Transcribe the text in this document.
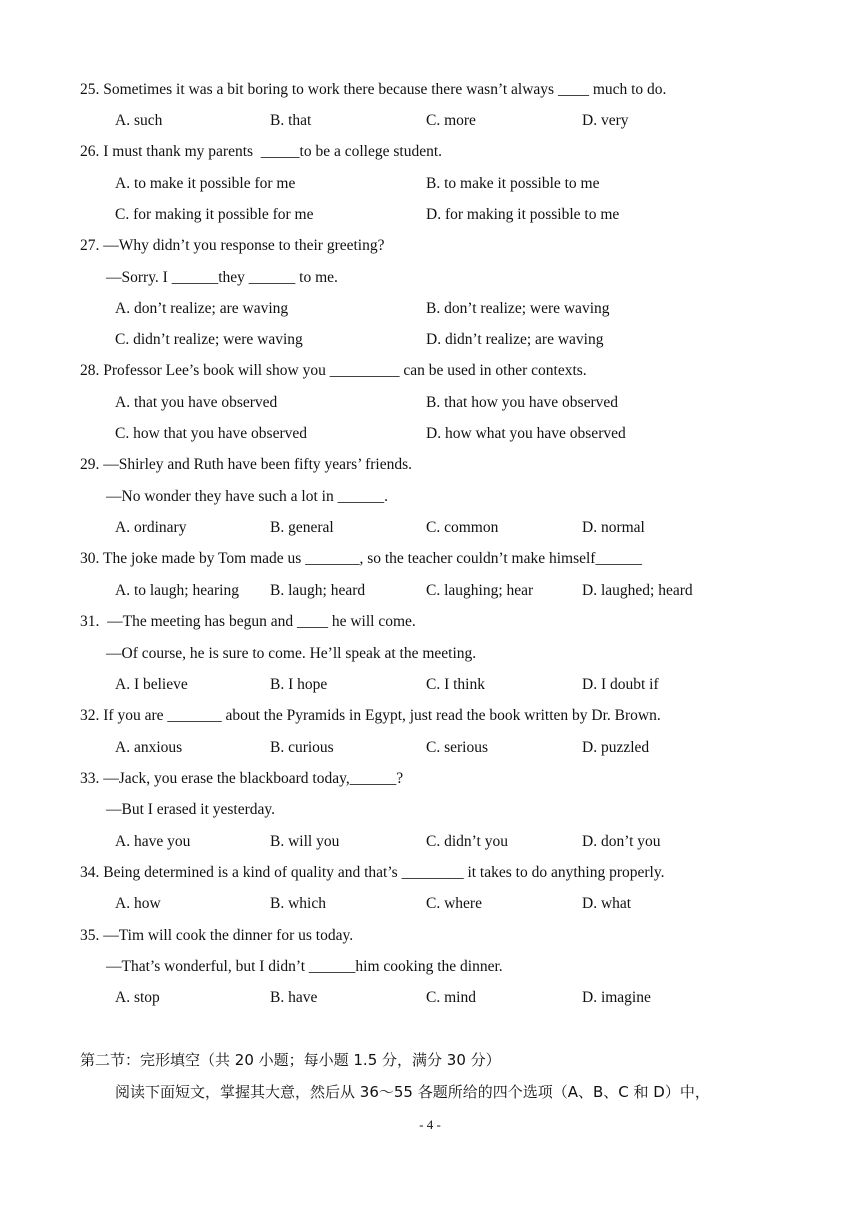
25. Sometimes it was a bit boring to work there because there wasn’t always ____ much to do.
A. such	B. that	C. more	D. very
26. I must thank my parents  _____to be a college student.
A. to make it possible for me	B. to make it possible to me
C. for making it possible for me	D. for making it possible to me
27. —Why didn’t you response to their greeting?
—Sorry. I ______they ______ to me.
A. don’t realize; are waving	B. don’t realize; were waving
C. didn’t realize; were waving	D. didn’t realize; are waving
28. Professor Lee’s book will show you _________ can be used in other contexts.
A. that you have observed	B. that how you have observed
C. how that you have observed	D. how what you have observed
29. —Shirley and Ruth have been fifty years’ friends.
—No wonder they have such a lot in ______.
A. ordinary	B. general	C. common	D. normal
30. The joke made by Tom made us _______, so the teacher couldn’t make himself______
A. to laugh; hearing B. laugh; heard	C. laughing; hear	D. laughed; heard
31.  —The meeting has begun and ____ he will come.
—Of course, he is sure to come. He’ll speak at the meeting.
A. I believe	B. I hope	C. I think	D. I doubt if
32. If you are _______ about the Pyramids in Egypt, just read the book written by Dr. Brown.
A. anxious	B. curious	C. serious	D. puzzled
33. —Jack, you erase the blackboard today,______?
—But I erased it yesterday.
A. have you	B. will you	C. didn’t you	D. don’t you
34. Being determined is a kind of quality and that’s ________ it takes to do anything properly.
A. how	B. which	C. where	D. what
35. —Tim will cook the dinner for us today.
—That’s wonderful, but I didn’t ______him cooking the dinner.
A. stop	B. have	C. mind	D. imagine
第二节：完形填空（共 20 小题；每小题 1.5 分，满分 30 分）
阅读下面短文，掌握其大意，然后从 36～55 各题所给的四个选项（A、B、C 和 D）中，
- 4 -
